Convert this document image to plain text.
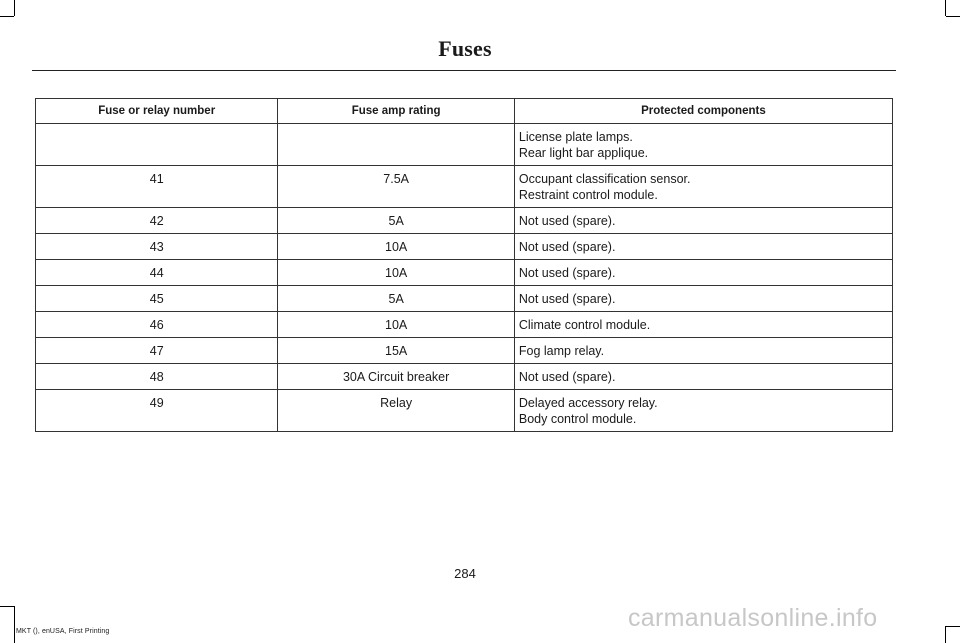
Fuses
Fuse or relay number	Fuse amp rating	Protected components

		License plate lamps.
Rear light bar applique.

41	7.5A	Occupant classification sensor.
Restraint control module.

42	5A	Not used (spare).

43	10A	Not used (spare).

44	10A	Not used (spare).

45	5A	Not used (spare).

46	10A	Climate control module.

47	15A	Fog lamp relay.

48	30A Circuit breaker	Not used (spare).

49	Relay	Delayed accessory relay.
Body control module.
284
MKT (), enUSA, First Printing	carmanualsonline.info
